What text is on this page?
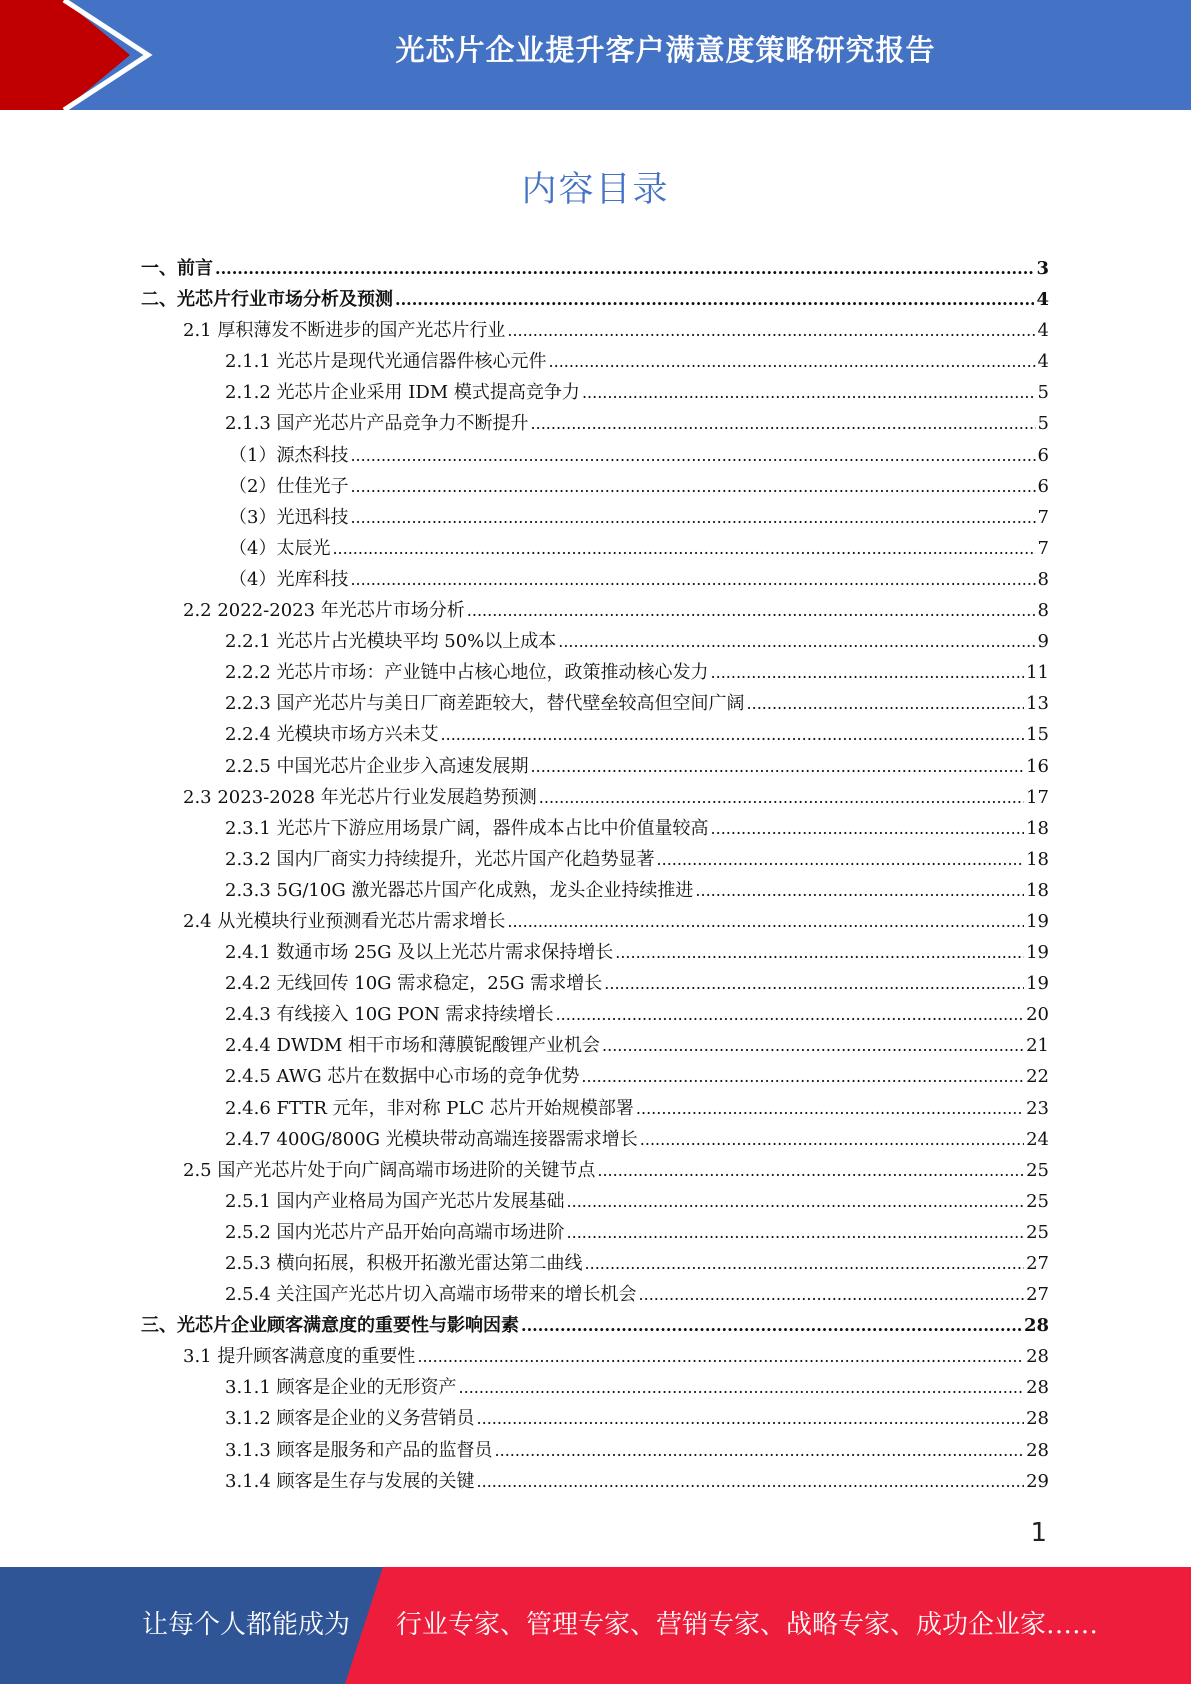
光芯片企业提升客户满意度策略研究报告
内容目录
一、前言 .....	3
二、光芯片行业市场分析及预测 .....	4
2.1 厚积薄发不断进步的国产光芯片行业 .....	4
2.1.1 光芯片是现代光通信器件核心元件 .....	4
2.1.2 光芯片企业采用 IDM 模式提高竞争力 .....	5
2.1.3 国产光芯片产品竞争力不断提升 .....	5
（1）源杰科技 .....	6
（2）仕佳光子 .....	6
（3）光迅科技 .....	7
（4）太辰光 .....	7
（4）光库科技 .....	8
2.2 2022-2023 年光芯片市场分析 .....	8
2.2.1 光芯片占光模块平均 50%以上成本 .....	9
2.2.2 光芯片市场：产业链中占核心地位，政策推动核心发力 .....	11
2.2.3 国产光芯片与美日厂商差距较大，替代壁垒较高但空间广阔 .....	13
2.2.4 光模块市场方兴未艾 .....	15
2.2.5 中国光芯片企业步入高速发展期 .....	16
2.3 2023-2028 年光芯片行业发展趋势预测 .....	17
2.3.1 光芯片下游应用场景广阔，器件成本占比中价值量较高 .....	18
2.3.2 国内厂商实力持续提升，光芯片国产化趋势显著 .....	18
2.3.3 5G/10G 激光器芯片国产化成熟，龙头企业持续推进 .....	18
2.4 从光模块行业预测看光芯片需求增长 .....	19
2.4.1 数通市场 25G 及以上光芯片需求保持增长 .....	19
2.4.2 无线回传 10G 需求稳定，25G 需求增长 .....	19
2.4.3 有线接入 10G PON 需求持续增长 .....	20
2.4.4 DWDM 相干市场和薄膜铌酸锂产业机会 .....	21
2.4.5 AWG 芯片在数据中心市场的竞争优势 .....	22
2.4.6 FTTR 元年，非对称 PLC 芯片开始规模部署 .....	23
2.4.7 400G/800G 光模块带动高端连接器需求增长 .....	24
2.5 国产光芯片处于向广阔高端市场进阶的关键节点 .....	25
2.5.1 国内产业格局为国产光芯片发展基础 .....	25
2.5.2 国内光芯片产品开始向高端市场进阶 .....	25
2.5.3 横向拓展，积极开拓激光雷达第二曲线 .....	27
2.5.4 关注国产光芯片切入高端市场带来的增长机会 .....	27
三、光芯片企业顾客满意度的重要性与影响因素 .....	28
3.1 提升顾客满意度的重要性 .....	28
3.1.1 顾客是企业的无形资产 .....	28
3.1.2 顾客是企业的义务营销员 .....	28
3.1.3 顾客是服务和产品的监督员 .....	28
3.1.4 顾客是生存与发展的关键 .....	29
1
让每个人都能成为 行业专家、管理专家、营销专家、战略专家、成功企业家……
